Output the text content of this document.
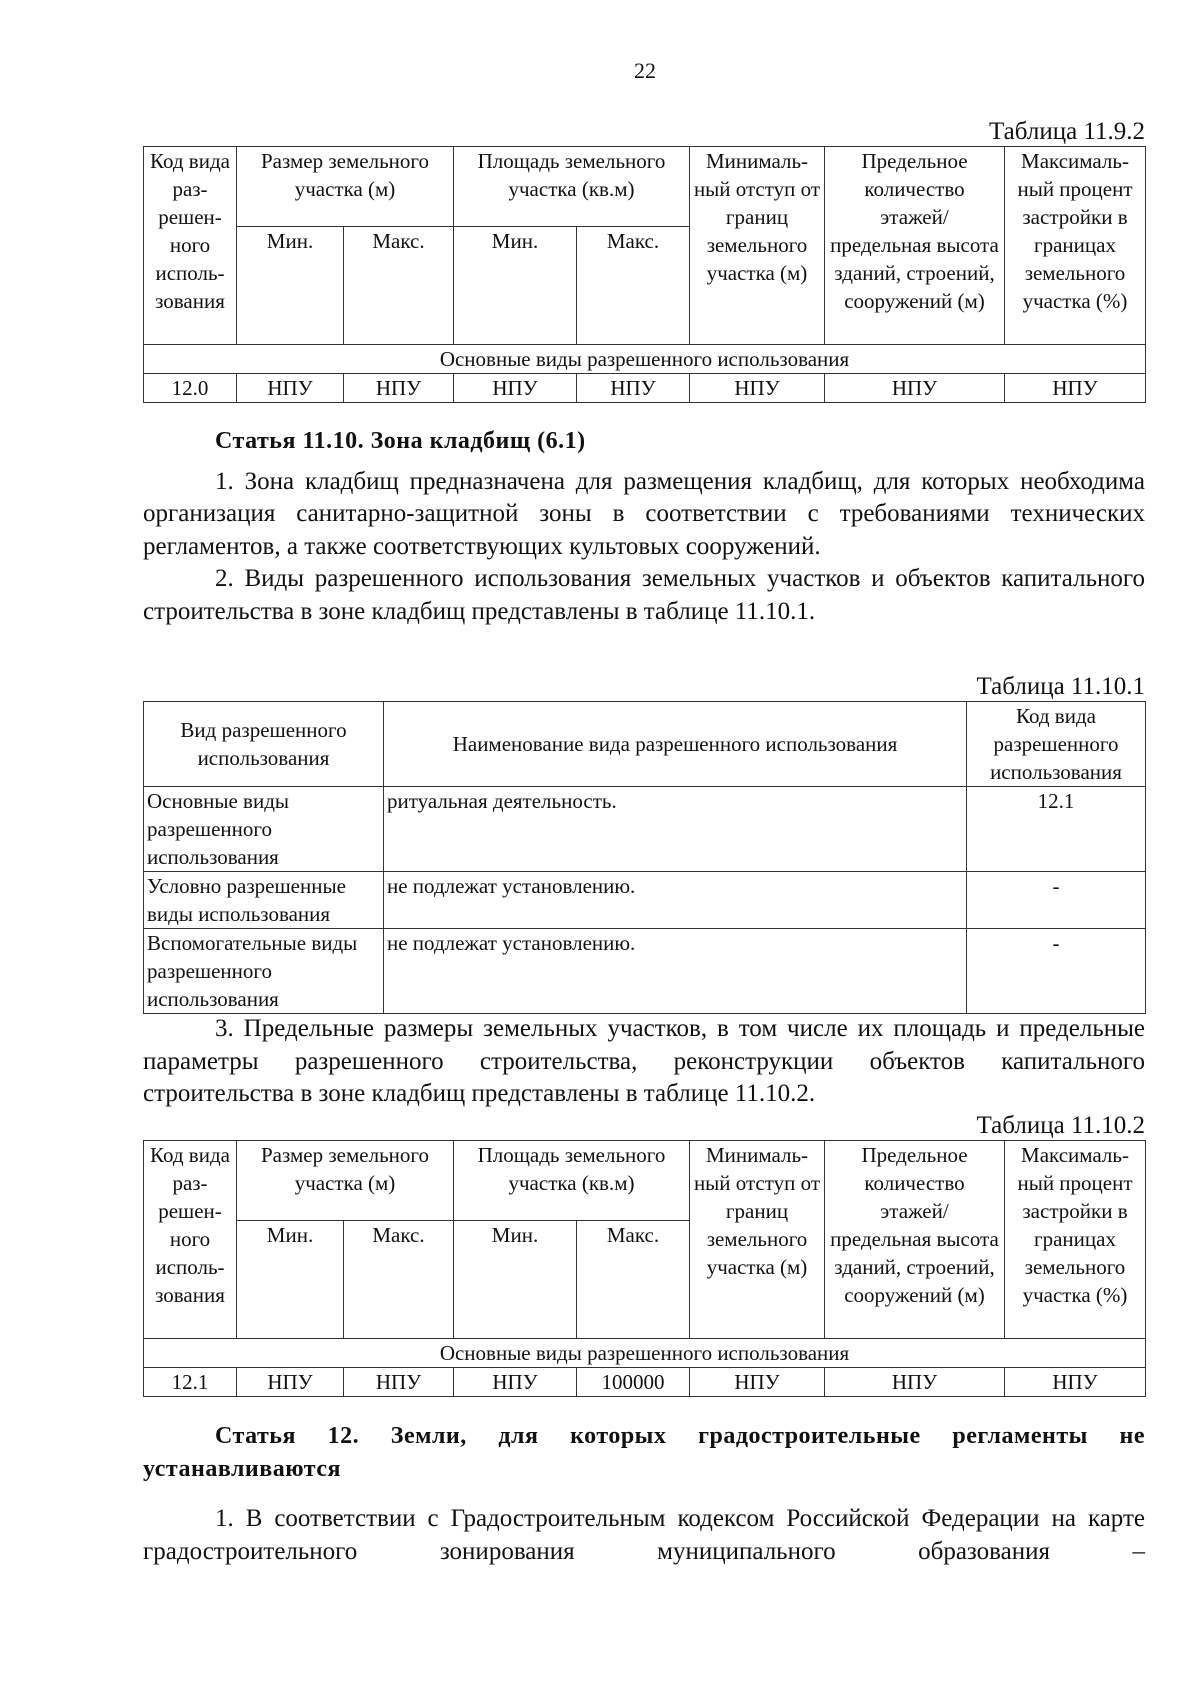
22
Таблица 11.9.2
Код вида раз-решен-ного исполь-зования	Размер земельного участка (м)		Площадь земельного участка (кв.м)		Минималь-ный отступ от границ земельного участка (м)	Предельное количество этажей/ предельная высота зданий, строений, сооружений (м)	Максималь-ный процент застройки в границах земельного участка (%)
	Мин.	Макс.	Мин.	Макс.			
Основные виды разрешенного использования							
12.0	НПУ	НПУ	НПУ	НПУ	НПУ	НПУ	НПУ

Статья 11.10. Зона кладбищ (6.1)

1. Зона кладбищ предназначена для размещения кладбищ, для которых необходима организация санитарно-защитной зоны в соответствии с требованиями технических регламентов, а также соответствующих культовых сооружений.

2. Виды разрешенного использования земельных участков и объектов капитального строительства в зоне кладбищ представлены в таблице 11.10.1.

Таблица 11.10.1
Вид разрешенного использования	Наименование вида разрешенного использования	Код вида разрешенного использования
Основные виды разрешенного использования	ритуальная деятельность.	12.1
Условно разрешенные виды использования	не подлежат установлению.	-
Вспомогательные виды разрешенного использования	не подлежат установлению.	-

3. Предельные размеры земельных участков, в том числе их площадь и предельные параметры разрешенного строительства, реконструкции объектов капитального строительства в зоне кладбищ представлены в таблице 11.10.2.

Таблица 11.10.2
Код вида раз-решен-ного исполь-зования	Размер земельного участка (м)		Площадь земельного участка (кв.м)		Минималь-ный отступ от границ земельного участка (м)	Предельное количество этажей/ предельная высота зданий, строений, сооружений (м)	Максималь-ный процент застройки в границах земельного участка (%)
	Мин.	Макс.	Мин.	Макс.			
Основные виды разрешенного использования							
12.1	НПУ	НПУ	НПУ	100000	НПУ	НПУ	НПУ

Статья 12. Земли, для которых градостроительные регламенты не устанавливаются

1. В соответствии с Градостроительным кодексом Российской Федерации на карте градостроительного зонирования муниципального образования –
